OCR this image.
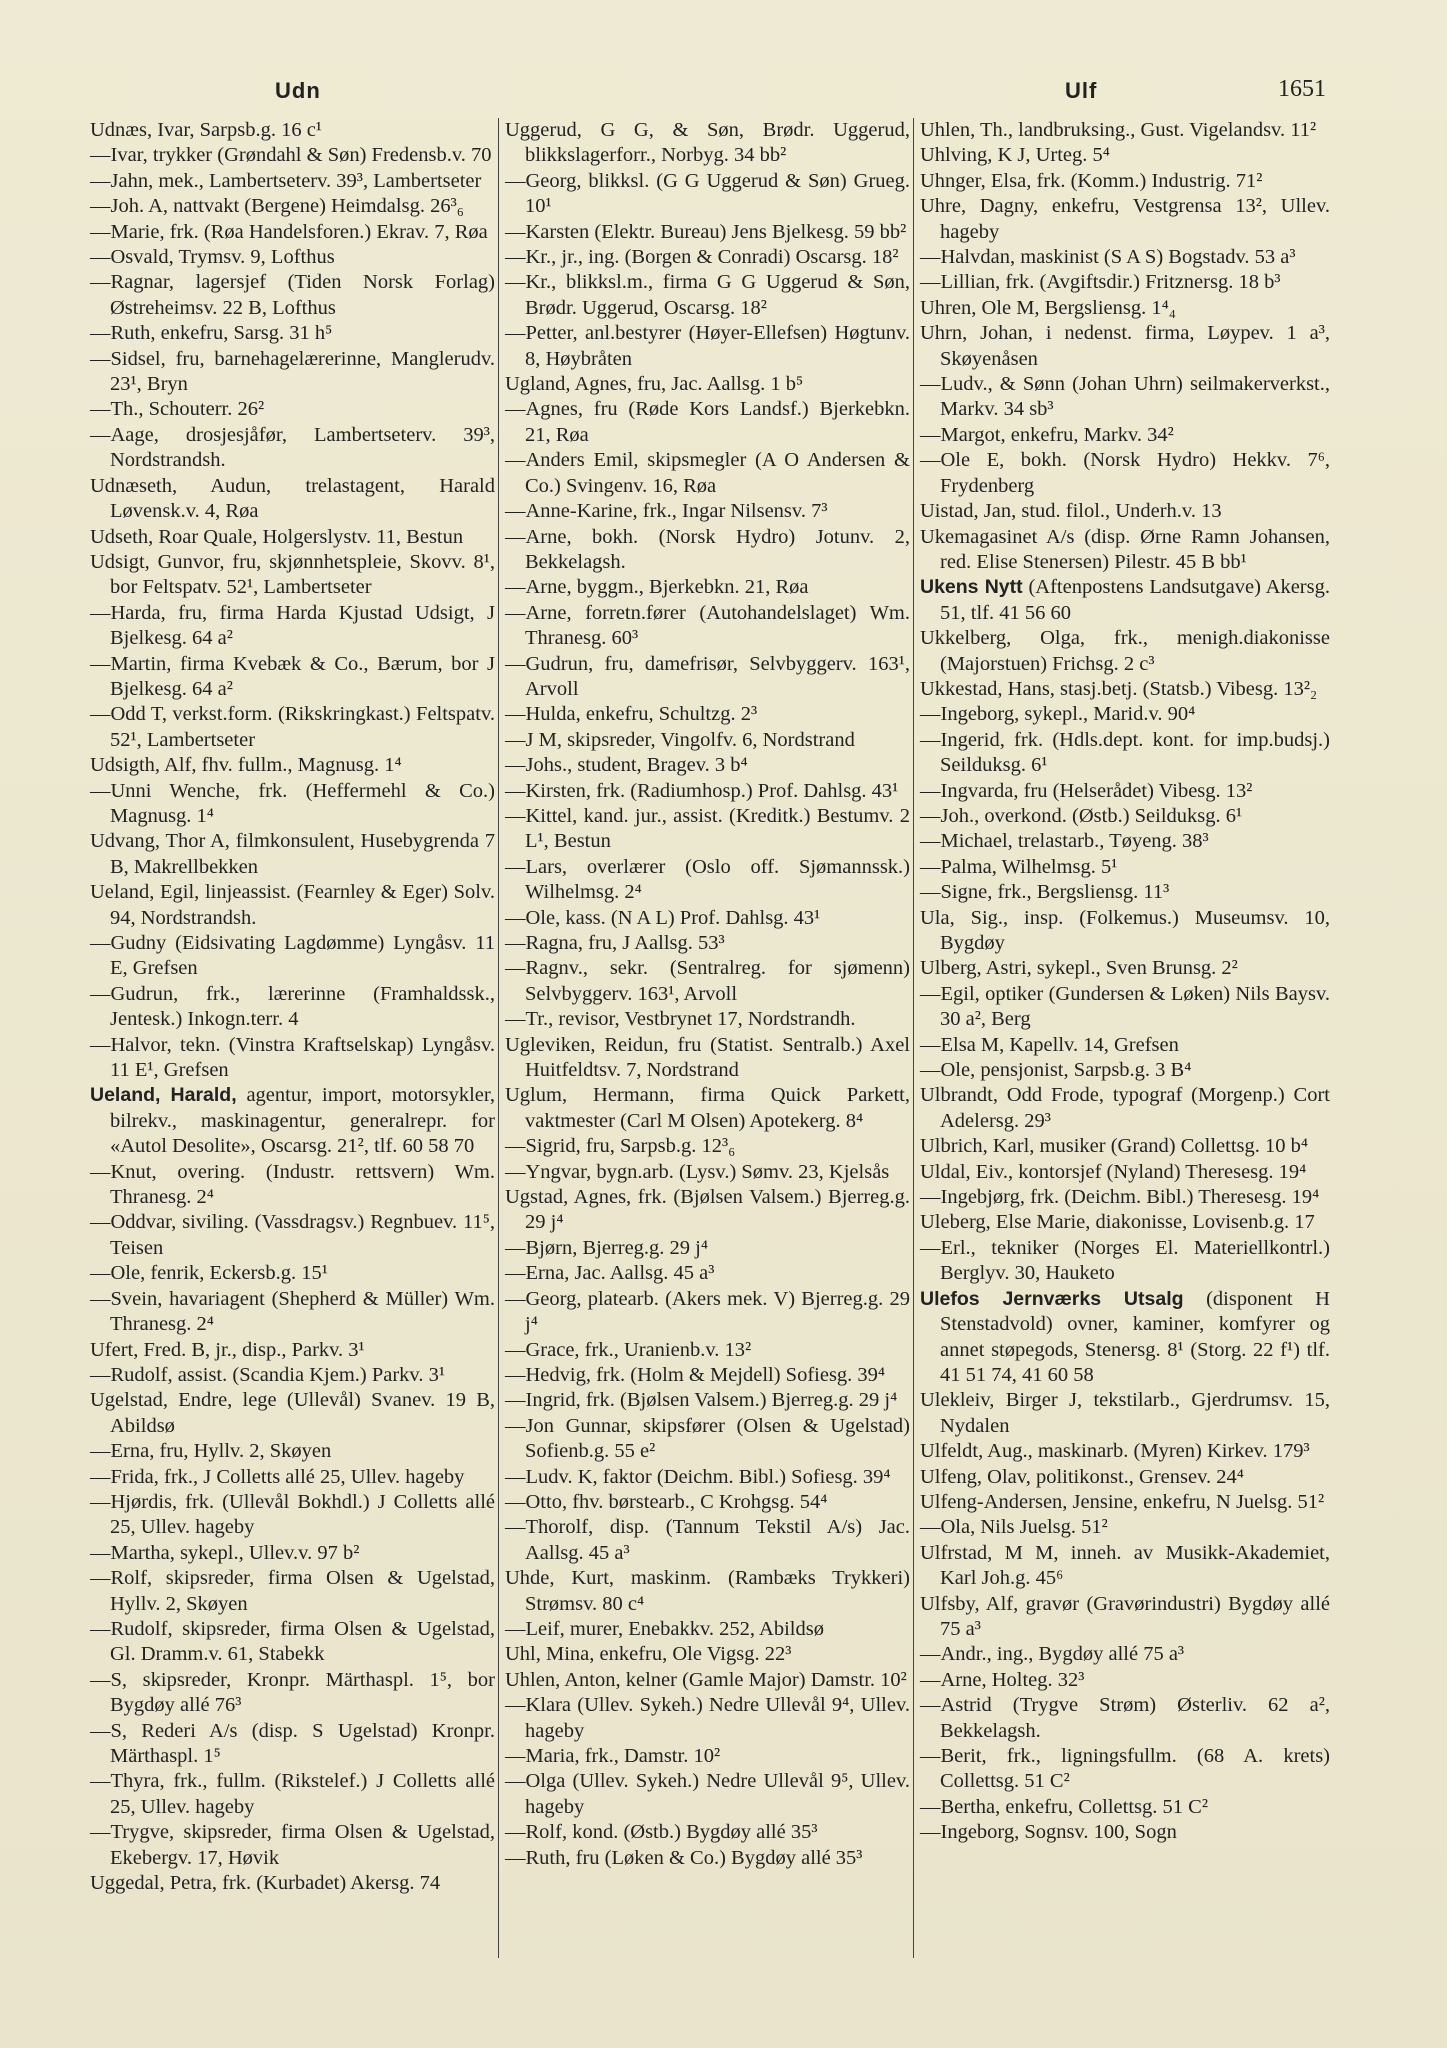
Udn	Ulf	1651

Udnæs, Ivar, Sarpsb.g. 16 c¹

—Ivar, trykker (Grøndahl & Søn) Fredensb.v. 70

—Jahn, mek., Lambertseterv. 39³, Lambertseter

—Joh. A, nattvakt (Bergene) Heimdalsg. 26³₆

—Marie, frk. (Røa Handelsforen.) Ekrav. 7, Røa

—Osvald, Trymsv. 9, Lofthus

—Ragnar, lagersjef (Tiden Norsk Forlag) Østreheimsv. 22 B, Lofthus

—Ruth, enkefru, Sarsg. 31 h⁵

—Sidsel, fru, barnehagelærerinne, Manglerudv. 23¹, Bryn

—Th., Schouterr. 26²

—Aage, drosjesjåfør, Lambertseterv. 39³, Nordstrandsh.

Udnæseth, Audun, trelastagent, Harald Løvensk.v. 4, Røa

Udseth, Roar Quale, Holgerslystv. 11, Bestun

Udsigt, Gunvor, fru, skjønnhetspleie, Skovv. 8¹, bor Feltspatv. 52¹, Lambertseter

—Harda, fru, firma Harda Kjustad Udsigt, J Bjelkesg. 64 a²

—Martin, firma Kvebæk & Co., Bærum, bor J Bjelkesg. 64 a²

—Odd T, verkst.form. (Rikskringkast.) Feltspatv. 52¹, Lambertseter

Udsigth, Alf, fhv. fullm., Magnusg. 1⁴

—Unni Wenche, frk. (Heffermehl & Co.) Magnusg. 1⁴

Udvang, Thor A, filmkonsulent, Husebygrenda 7 B, Makrellbekken

Ueland, Egil, linjeassist. (Fearnley & Eger) Solv. 94, Nordstrandsh.

—Gudny (Eidsivating Lagdømme) Lyngåsv. 11 E, Grefsen

—Gudrun, frk., lærerinne (Framhaldssk., Jentesk.) Inkogn.terr. 4

—Halvor, tekn. (Vinstra Kraftselskap) Lyngåsv. 11 E¹, Grefsen

Ueland, Harald, agentur, import, motorsykler, bilrekv., maskinagentur, generalrepr. for «Autol Desolite», Oscarsg. 21², tlf. 60 58 70

—Knut, overing. (Industr. rettsvern) Wm. Thranesg. 2⁴

—Oddvar, siviling. (Vassdragsv.) Regnbuev. 11⁵, Teisen

—Ole, fenrik, Eckersb.g. 15¹

—Svein, havariagent (Shepherd & Müller) Wm. Thranesg. 2⁴

Ufert, Fred. B, jr., disp., Parkv. 3¹

—Rudolf, assist. (Scandia Kjem.) Parkv. 3¹

Ugelstad, Endre, lege (Ullevål) Svanev. 19 B, Abildsø

—Erna, fru, Hyllv. 2, Skøyen

—Frida, frk., J Colletts allé 25, Ullev. hageby

—Hjørdis, frk. (Ullevål Bokhdl.) J Colletts allé 25, Ullev. hageby

—Martha, sykepl., Ullev.v. 97 b²

—Rolf, skipsreder, firma Olsen & Ugelstad, Hyllv. 2, Skøyen

—Rudolf, skipsreder, firma Olsen & Ugelstad, Gl. Dramm.v. 61, Stabekk

—S, skipsreder, Kronpr. Märthaspl. 1⁵, bor Bygdøy allé 76³

—S, Rederi A/s (disp. S Ugelstad) Kronpr. Märthaspl. 1⁵

—Thyra, frk., fullm. (Rikstelef.) J Colletts allé 25, Ullev. hageby

—Trygve, skipsreder, firma Olsen & Ugelstad, Ekebergv. 17, Høvik

Uggedal, Petra, frk. (Kurbadet) Akersg. 74

Uggerud, G G, & Søn, Brødr. Uggerud, blikkslagerforr., Norbyg. 34 bb²

—Georg, blikksl. (G G Uggerud & Søn) Grueg. 10¹

—Karsten (Elektr. Bureau) Jens Bjelkesg. 59 bb²

—Kr., jr., ing. (Borgen & Conradi) Oscarsg. 18²

—Kr., blikksl.m., firma G G Uggerud & Søn, Brødr. Uggerud, Oscarsg. 18²

—Petter, anl.bestyrer (Høyer-Ellefsen) Høgtunv. 8, Høybråten

Ugland, Agnes, fru, Jac. Aallsg. 1 b⁵

—Agnes, fru (Røde Kors Landsf.) Bjerkebkn. 21, Røa

—Anders Emil, skipsmegler (A O Andersen & Co.) Svingenv. 16, Røa

—Anne-Karine, frk., Ingar Nilsensv. 7³

—Arne, bokh. (Norsk Hydro) Jotunv. 2, Bekkelagsh.

—Arne, byggm., Bjerkebkn. 21, Røa

—Arne, forretn.fører (Autohandelslaget) Wm. Thranesg. 60³

—Gudrun, fru, damefrisør, Selvbyggerv. 163¹, Arvoll

—Hulda, enkefru, Schultzg. 2³

—J M, skipsreder, Vingolfv. 6, Nordstrand

—Johs., student, Bragev. 3 b⁴

—Kirsten, frk. (Radiumhosp.) Prof. Dahlsg. 43¹

—Kittel, kand. jur., assist. (Kreditk.) Bestumv. 2 L¹, Bestun

—Lars, overlærer (Oslo off. Sjømannssk.) Wilhelmsg. 2⁴

—Ole, kass. (N A L) Prof. Dahlsg. 43¹

—Ragna, fru, J Aallsg. 53³

—Ragnv., sekr. (Sentralreg. for sjømenn) Selvbyggerv. 163¹, Arvoll

—Tr., revisor, Vestbrynet 17, Nordstrandh.

Ugleviken, Reidun, fru (Statist. Sentralb.) Axel Huitfeldtsv. 7, Nordstrand

Uglum, Hermann, firma Quick Parkett, vaktmester (Carl M Olsen) Apotekerg. 8⁴

—Sigrid, fru, Sarpsb.g. 12³₆

—Yngvar, bygn.arb. (Lysv.) Sømv. 23, Kjelsås

Ugstad, Agnes, frk. (Bjølsen Valsem.) Bjerreg.g. 29 j⁴

—Bjørn, Bjerreg.g. 29 j⁴

—Erna, Jac. Aallsg. 45 a³

—Georg, platearb. (Akers mek. V) Bjerreg.g. 29 j⁴

—Grace, frk., Uranienb.v. 13²

—Hedvig, frk. (Holm & Mejdell) Sofiesg. 39⁴

—Ingrid, frk. (Bjølsen Valsem.) Bjerreg.g. 29 j⁴

—Jon Gunnar, skipsfører (Olsen & Ugelstad) Sofienb.g. 55 e²

—Ludv. K, faktor (Deichm. Bibl.) Sofiesg. 39⁴

—Otto, fhv. børstearb., C Krohgsg. 54⁴

—Thorolf, disp. (Tannum Tekstil A/s) Jac. Aallsg. 45 a³

Uhde, Kurt, maskinm. (Rambæks Trykkeri) Strømsv. 80 c⁴

—Leif, murer, Enebakkv. 252, Abildsø

Uhl, Mina, enkefru, Ole Vigsg. 22³

Uhlen, Anton, kelner (Gamle Major) Damstr. 10²

—Klara (Ullev. Sykeh.) Nedre Ullevål 9⁴, Ullev. hageby

—Maria, frk., Damstr. 10²

—Olga (Ullev. Sykeh.) Nedre Ullevål 9⁵, Ullev. hageby

—Rolf, kond. (Østb.) Bygdøy allé 35³

—Ruth, fru (Løken & Co.) Bygdøy allé 35³

Uhlen, Th., landbruksing., Gust. Vigelandsv. 11²

Uhlving, K J, Urteg. 5⁴

Uhnger, Elsa, frk. (Komm.) Industrig. 71²

Uhre, Dagny, enkefru, Vestgrensa 13², Ullev. hageby

—Halvdan, maskinist (S A S) Bogstadv. 53 a³

—Lillian, frk. (Avgiftsdir.) Fritznersg. 18 b³

Uhren, Ole M, Bergsliensg. 1⁴₄

Uhrn, Johan, i nedenst. firma, Løypev. 1 a³, Skøyenåsen

—Ludv., & Sønn (Johan Uhrn) seilmakerverkst., Markv. 34 sb³

—Margot, enkefru, Markv. 34²

—Ole E, bokh. (Norsk Hydro) Hekkv. 7⁶, Frydenberg

Uistad, Jan, stud. filol., Underh.v. 13

Ukemagasinet A/s (disp. Ørne Ramn Johansen, red. Elise Stenersen) Pilestr. 45 B bb¹

Ukens Nytt (Aftenpostens Landsutgave) Akersg. 51, tlf. 41 56 60

Ukkelberg, Olga, frk., menigh.diakonisse (Majorstuen) Frichsg. 2 c³

Ukkestad, Hans, stasj.betj. (Statsb.) Vibesg. 13²₂

—Ingeborg, sykepl., Marid.v. 90⁴

—Ingerid, frk. (Hdls.dept. kont. for imp.budsj.) Seilduksg. 6¹

—Ingvarda, fru (Helserådet) Vibesg. 13²

—Joh., overkond. (Østb.) Seilduksg. 6¹

—Michael, trelastarb., Tøyeng. 38³

—Palma, Wilhelmsg. 5¹

—Signe, frk., Bergsliensg. 11³

Ula, Sig., insp. (Folkemus.) Museumsv. 10, Bygdøy

Ulberg, Astri, sykepl., Sven Brunsg. 2²

—Egil, optiker (Gundersen & Løken) Nils Baysv. 30 a², Berg

—Elsa M, Kapellv. 14, Grefsen

—Ole, pensjonist, Sarpsb.g. 3 B⁴

Ulbrandt, Odd Frode, typograf (Morgenp.) Cort Adelersg. 29³

Ulbrich, Karl, musiker (Grand) Collettsg. 10 b⁴

Uldal, Eiv., kontorsjef (Nyland) Theresesg. 19⁴

—Ingebjørg, frk. (Deichm. Bibl.) Theresesg. 19⁴

Uleberg, Else Marie, diakonisse, Lovisenb.g. 17

—Erl., tekniker (Norges El. Materiellkontrl.) Berglyv. 30, Hauketo

Ulefos Jernværks Utsalg (disponent H Stenstadvold) ovner, kaminer, komfyrer og annet støpegods, Stenersg. 8¹ (Storg. 22 f¹) tlf. 41 51 74, 41 60 58

Ulekleiv, Birger J, tekstilarb., Gjerdrumsv. 15, Nydalen

Ulfeldt, Aug., maskinarb. (Myren) Kirkev. 179³

Ulfeng, Olav, politikonst., Grensev. 24⁴

Ulfeng-Andersen, Jensine, enkefru, N Juelsg. 51²

—Ola, Nils Juelsg. 51²

Ulfrstad, M M, inneh. av Musikk-Akademiet, Karl Joh.g. 45⁶

Ulfsby, Alf, gravør (Gravørindustri) Bygdøy allé 75 a³

—Andr., ing., Bygdøy allé 75 a³

—Arne, Holteg. 32³

—Astrid (Trygve Strøm) Østerliv. 62 a², Bekkelagsh.

—Berit, frk., ligningsfullm. (68 A. krets) Collettsg. 51 C²

—Bertha, enkefru, Collettsg. 51 C²

—Ingeborg, Sognsv. 100, Sogn
